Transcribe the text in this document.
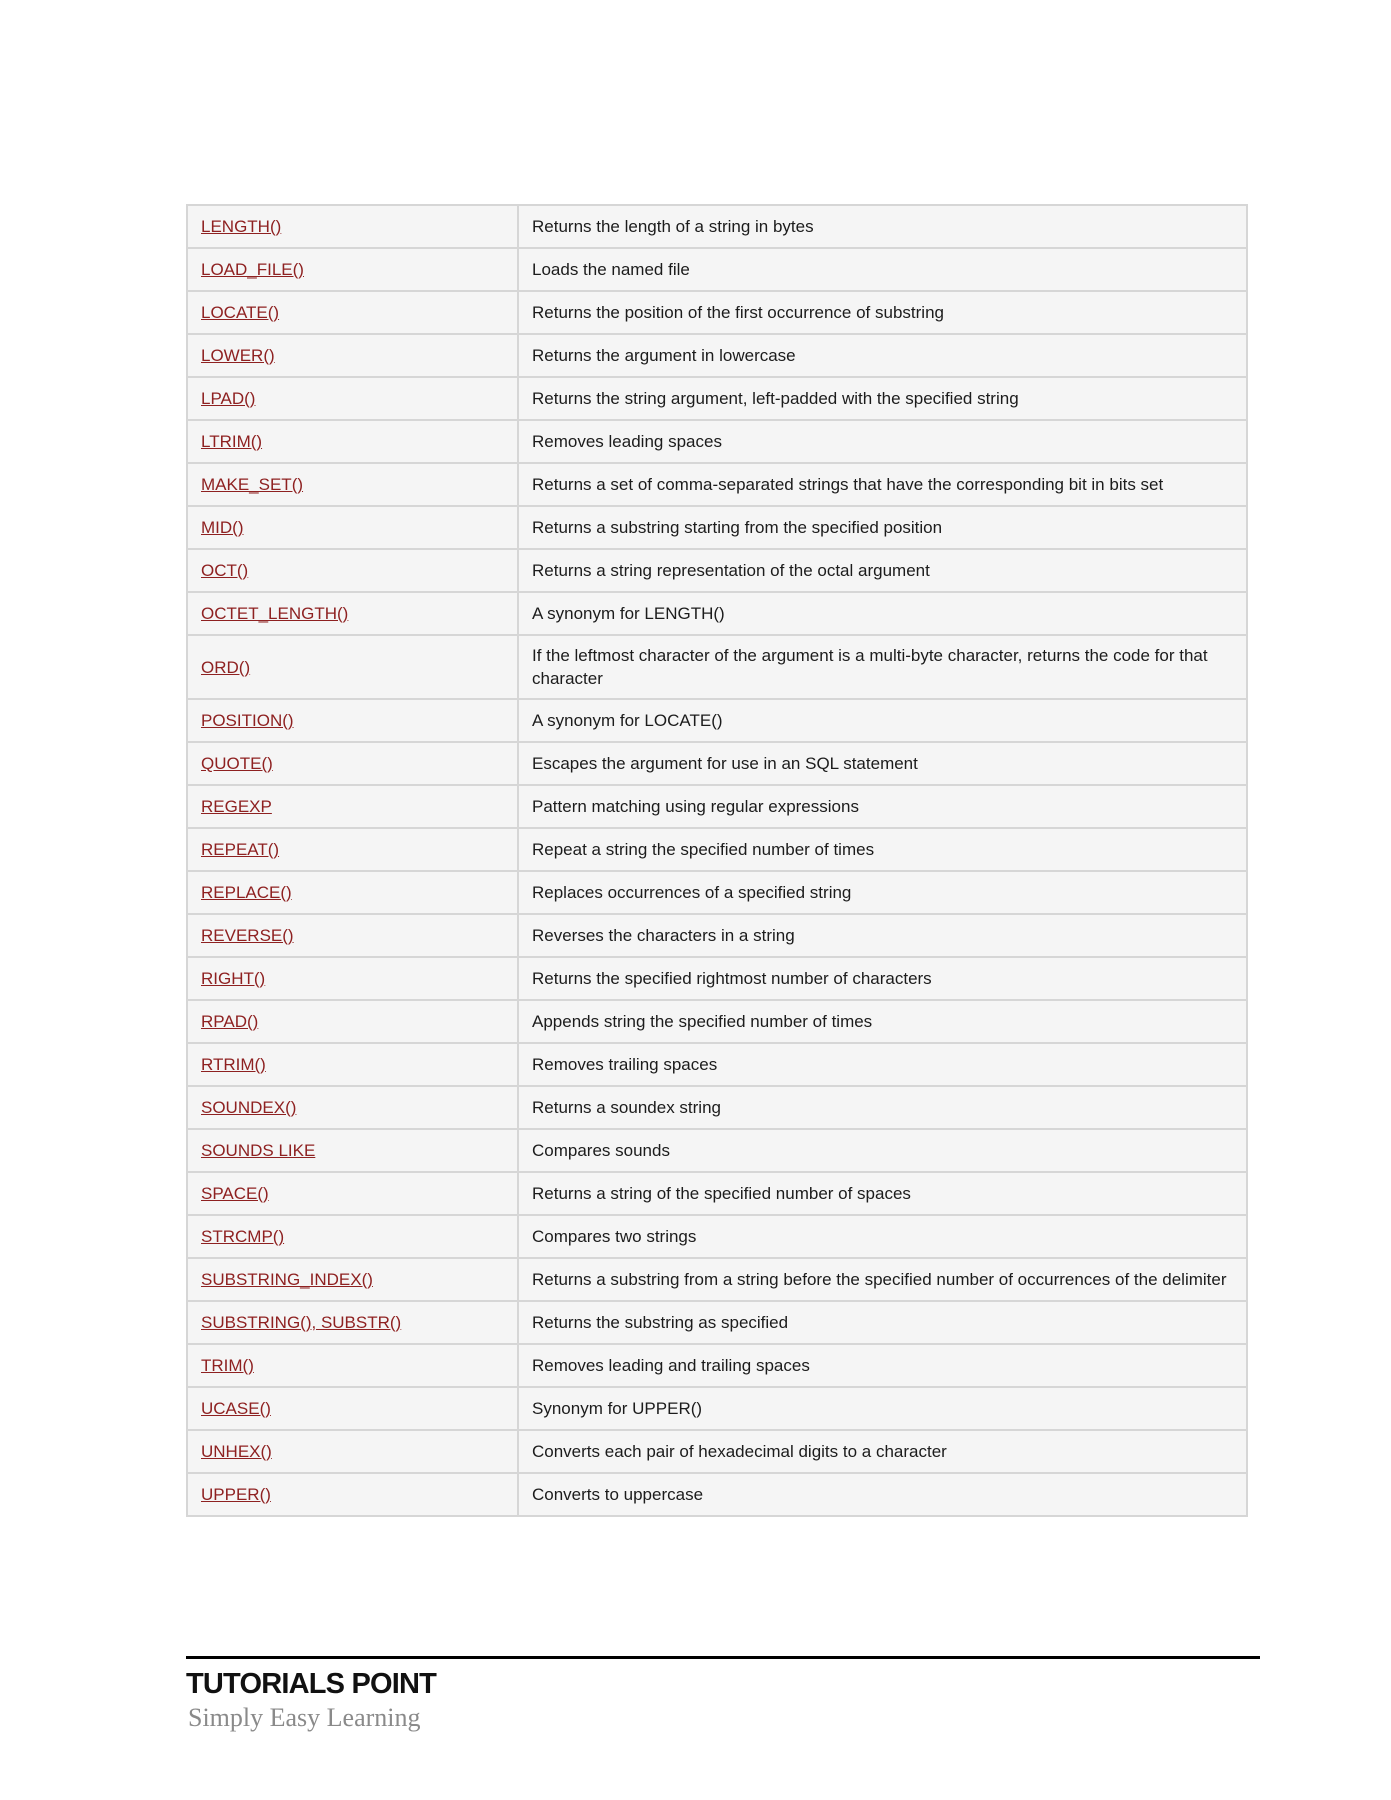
LENGTH()	Returns the length of a string in bytes
LOAD_FILE()	Loads the named file
LOCATE()	Returns the position of the first occurrence of substring
LOWER()	Returns the argument in lowercase
LPAD()	Returns the string argument, left-padded with the specified string
LTRIM()	Removes leading spaces
MAKE_SET()	Returns a set of comma-separated strings that have the corresponding bit in bits set
MID()	Returns a substring starting from the specified position
OCT()	Returns a string representation of the octal argument
OCTET_LENGTH()	A synonym for LENGTH()
ORD()	If the leftmost character of the argument is a multi-byte character, returns the code for that character
POSITION()	A synonym for LOCATE()
QUOTE()	Escapes the argument for use in an SQL statement
REGEXP	Pattern matching using regular expressions
REPEAT()	Repeat a string the specified number of times
REPLACE()	Replaces occurrences of a specified string
REVERSE()	Reverses the characters in a string
RIGHT()	Returns the specified rightmost number of characters
RPAD()	Appends string the specified number of times
RTRIM()	Removes trailing spaces
SOUNDEX()	Returns a soundex string
SOUNDS LIKE	Compares sounds
SPACE()	Returns a string of the specified number of spaces
STRCMP()	Compares two strings
SUBSTRING_INDEX()	Returns a substring from a string before the specified number of occurrences of the delimiter
SUBSTRING(), SUBSTR()	Returns the substring as specified
TRIM()	Removes leading and trailing spaces
UCASE()	Synonym for UPPER()
UNHEX()	Converts each pair of hexadecimal digits to a character
UPPER()	Converts to uppercase
TUTORIALS POINT
Simply Easy Learning
